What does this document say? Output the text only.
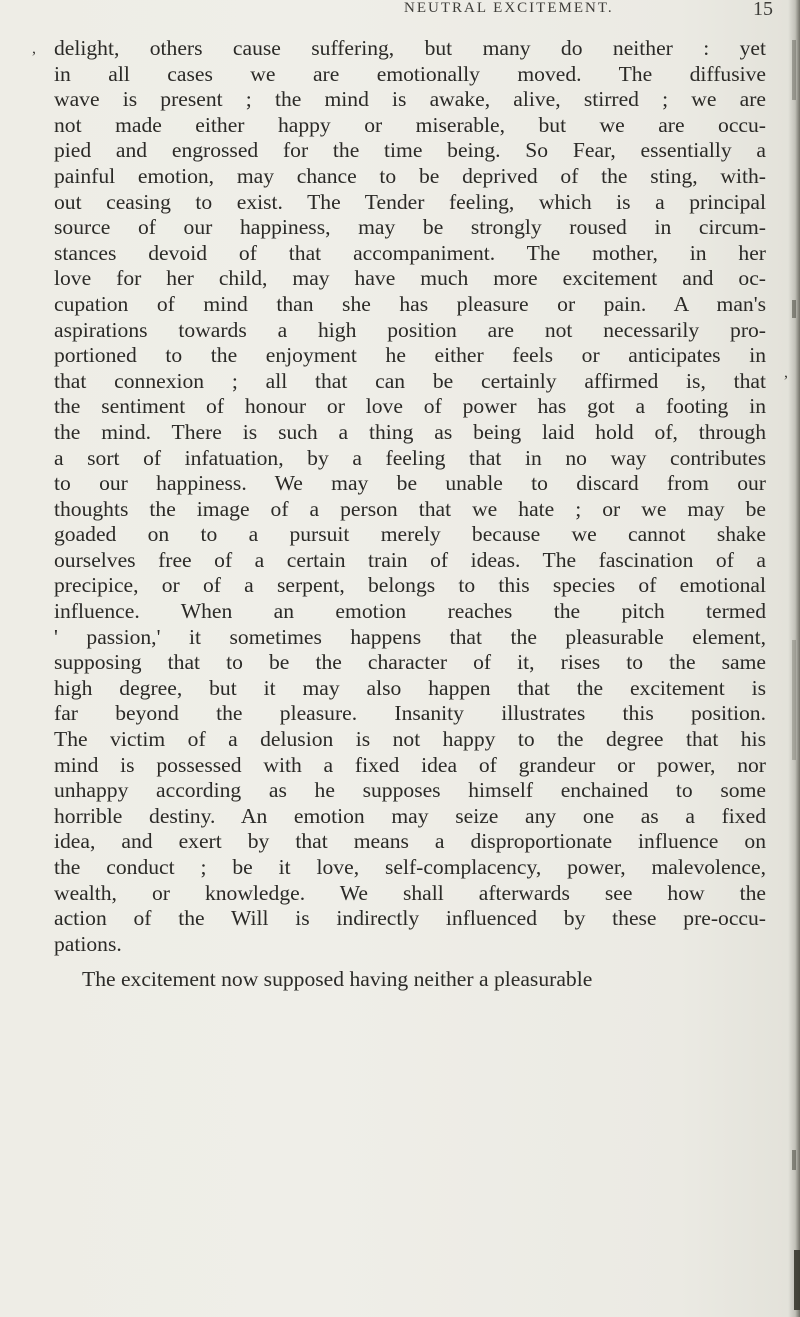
NEUTRAL EXCITEMENT.	15
,
,
delight, others cause suffering, but many do neither : yet
in all cases we are emotionally moved. The diffusive
wave is present ; the mind is awake, alive, stirred ; we are
not made either happy or miserable, but we are occu-
pied and engrossed for the time being. So Fear, essentially a
painful emotion, may chance to be deprived of the sting, with-
out ceasing to exist. The Tender feeling, which is a principal
source of our happiness, may be strongly roused in circum-
stances devoid of that accompaniment. The mother, in her
love for her child, may have much more excitement and oc-
cupation of mind than she has pleasure or pain. A man's
aspirations towards a high position are not necessarily pro-
portioned to the enjoyment he either feels or anticipates in
that connexion ; all that can be certainly affirmed is, that
the sentiment of honour or love of power has got a footing in
the mind. There is such a thing as being laid hold of, through
a sort of infatuation, by a feeling that in no way contributes
to our happiness. We may be unable to discard from our
thoughts the image of a person that we hate ; or we may be
goaded on to a pursuit merely because we cannot shake
ourselves free of a certain train of ideas. The fascination of a
precipice, or of a serpent, belongs to this species of emotional
influence. When an emotion reaches the pitch termed
' passion,' it sometimes happens that the pleasurable element,
supposing that to be the character of it, rises to the same
high degree, but it may also happen that the excitement is
far beyond the pleasure. Insanity illustrates this position.
The victim of a delusion is not happy to the degree that his
mind is possessed with a fixed idea of grandeur or power, nor
unhappy according as he supposes himself enchained to some
horrible destiny. An emotion may seize any one as a fixed
idea, and exert by that means a disproportionate influence on
the conduct ; be it love, self-complacency, power, malevolence,
wealth, or knowledge. We shall afterwards see how the
action of the Will is indirectly influenced by these pre-occu-
pations.
The excitement now supposed having neither a pleasurable
